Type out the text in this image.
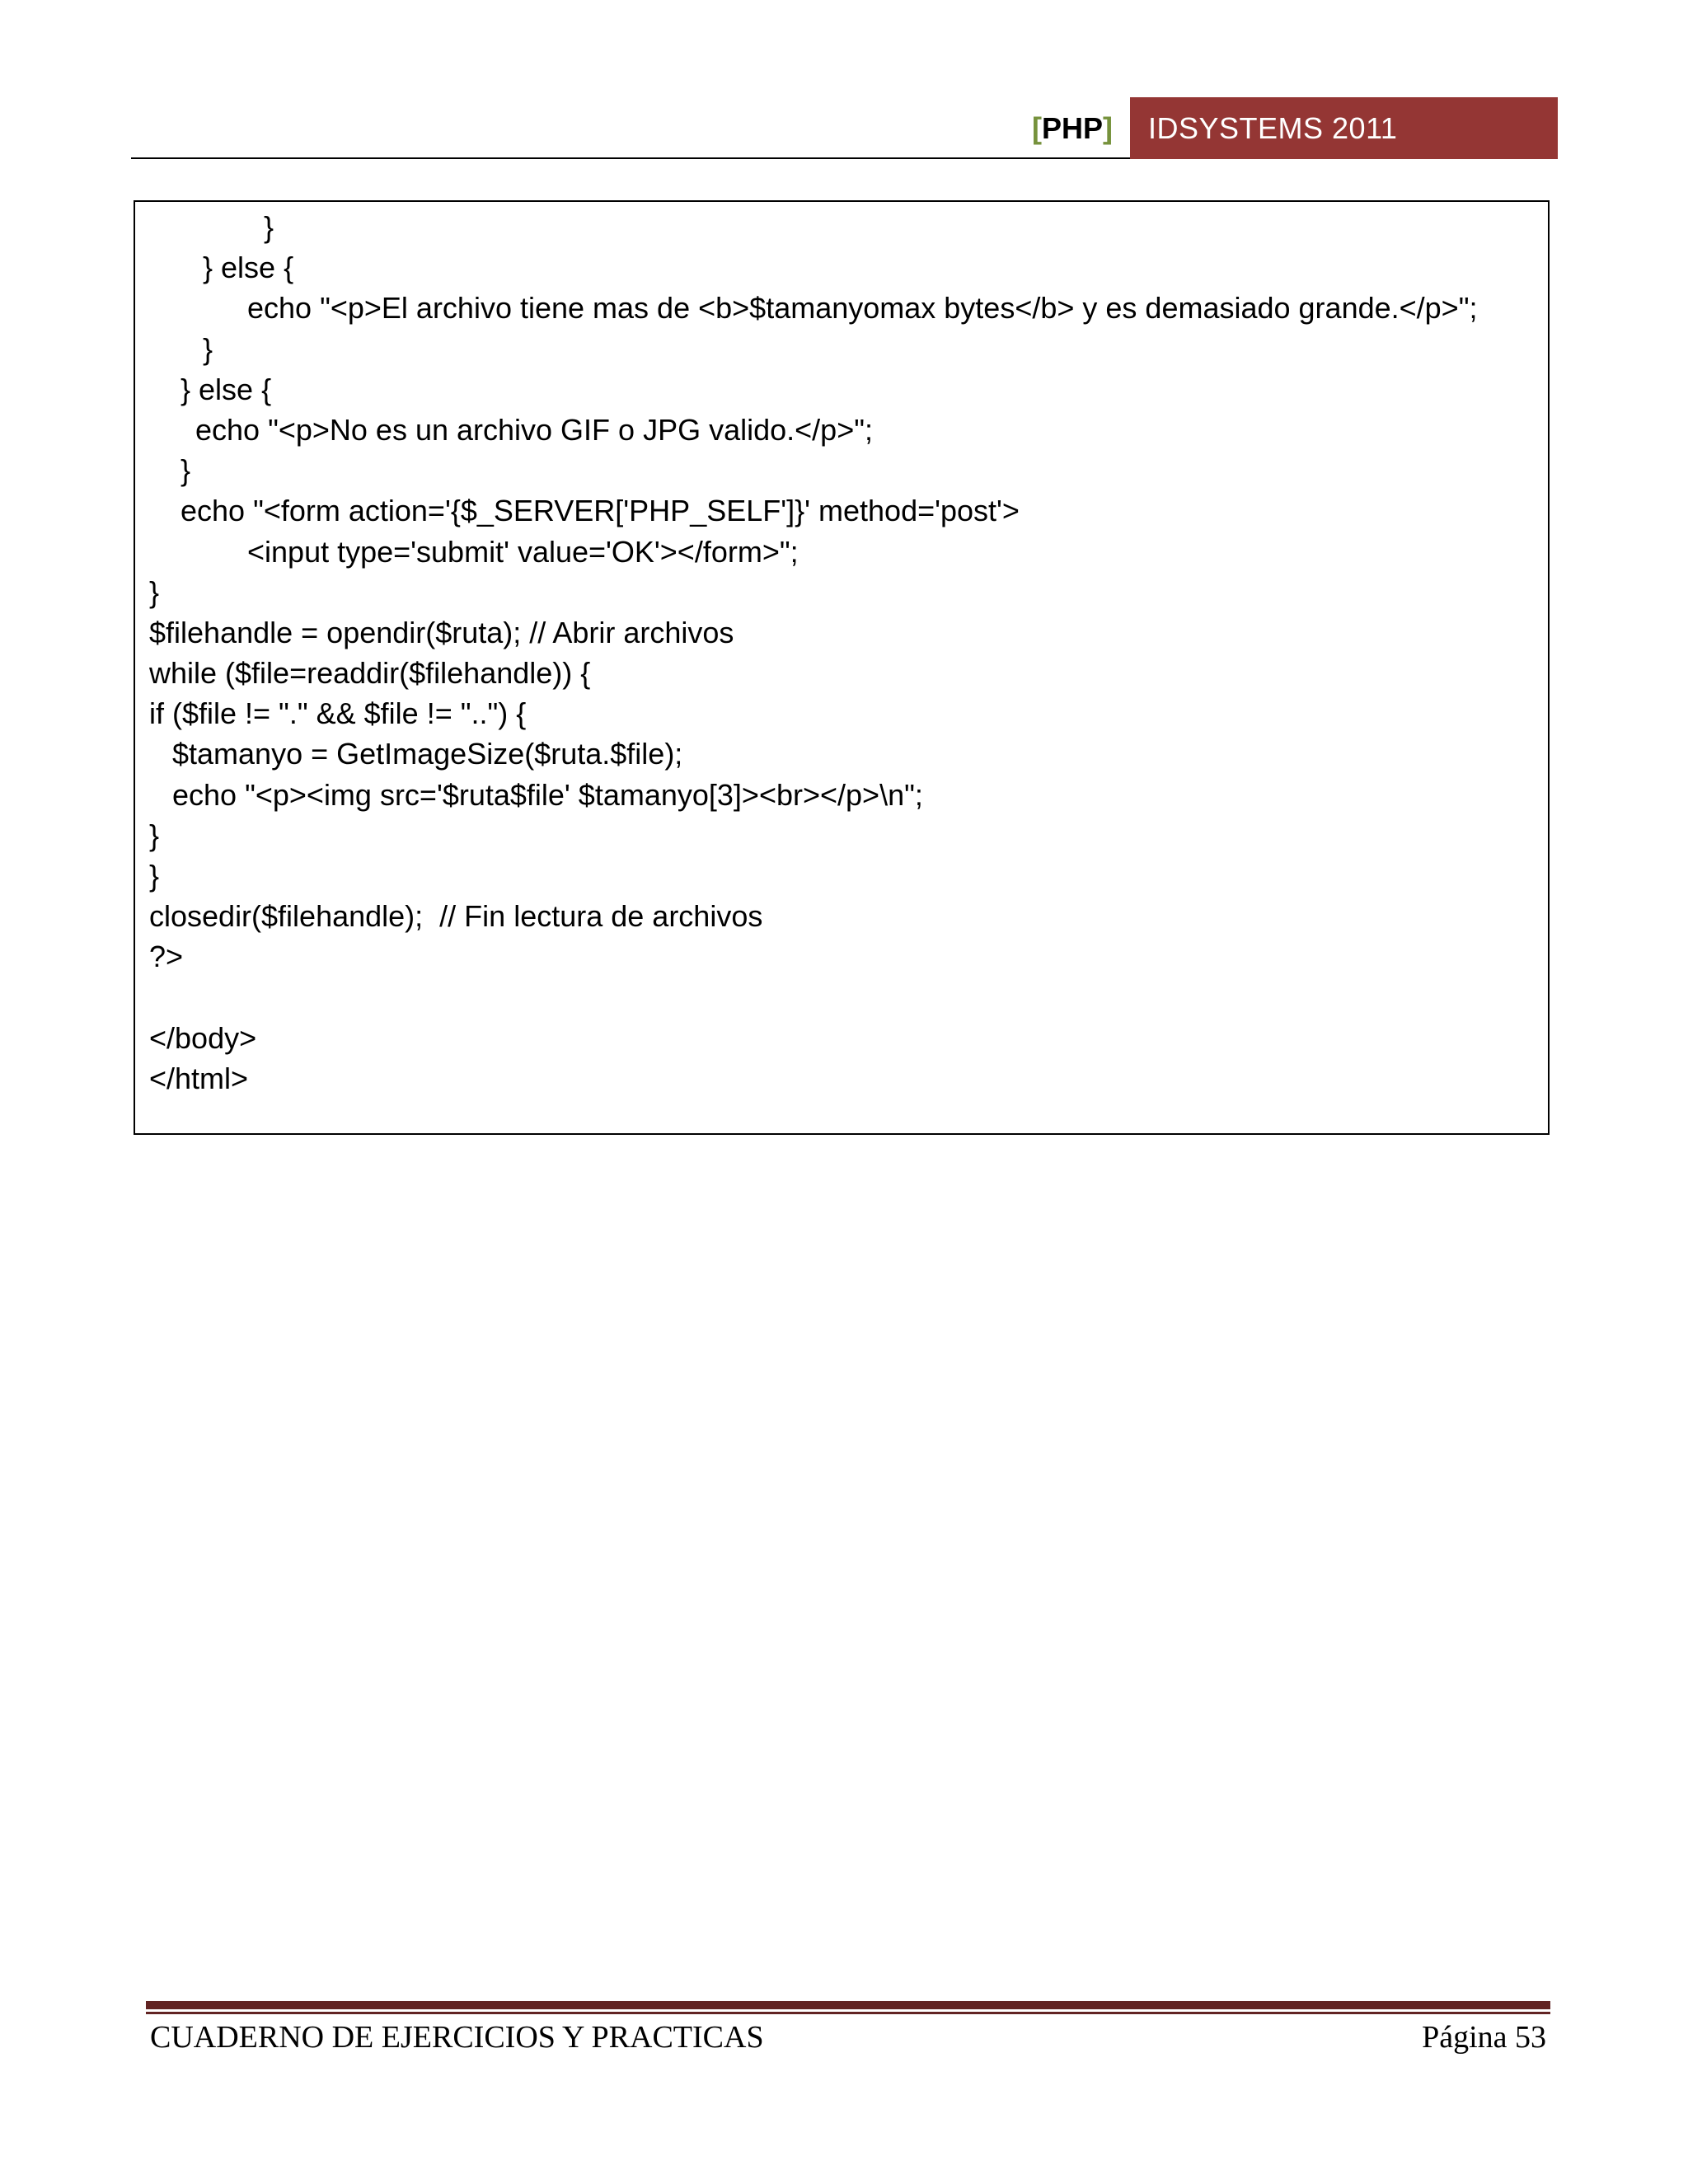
[PHP]	IDSYSTEMS 2011
}
} else {
echo "<p>El archivo tiene mas de <b>$tamanyomax bytes</b> y es demasiado grande.</p>";
}
} else {
echo "<p>No es un archivo GIF o JPG valido.</p>";
}
echo "<form action='{$_SERVER['PHP_SELF']}' method='post'>
<input type='submit' value='OK'></form>";
}
$filehandle = opendir($ruta); // Abrir archivos
while ($file=readdir($filehandle)) {
if ($file != "." && $file != "..") {
$tamanyo = GetImageSize($ruta.$file);
echo "<p><img src='$ruta$file' $tamanyo[3]><br></p>\n";
}
}
closedir($filehandle);  // Fin lectura de archivos
?>
</body>
</html>
CUADERNO DE EJERCICIOS Y PRACTICAS	Página 53
